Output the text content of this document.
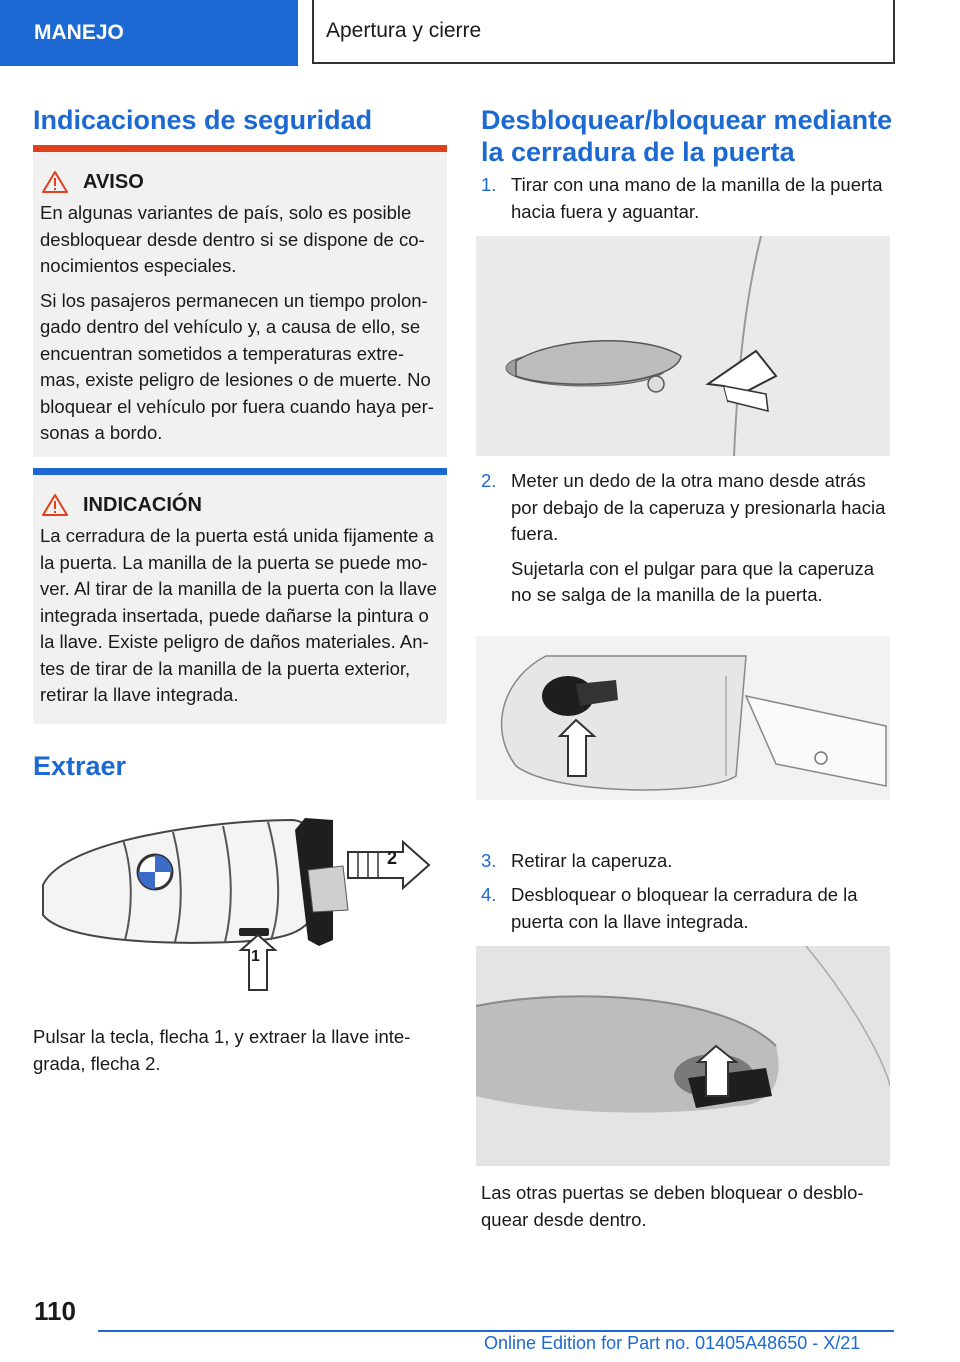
MANEJO	Apertura y cierre
Indicaciones de seguridad
AVISO

En algunas variantes de país, solo es posible desbloquear desde dentro si se dispone de co-nocimientos especiales.

Si los pasajeros permanecen un tiempo prolon-gado dentro del vehículo y, a causa de ello, se encuentran sometidos a temperaturas extre-mas, existe peligro de lesiones o de muerte. No bloquear el vehículo por fuera cuando haya per-sonas a bordo.

INDICACIÓN

La cerradura de la puerta está unida fijamente a la puerta. La manilla de la puerta se puede mo-ver. Al tirar de la manilla de la puerta con la llave integrada insertada, puede dañarse la pintura o la llave. Existe peligro de daños materiales. An-tes de tirar de la manilla de la puerta exterior, retirar la llave integrada.

Extraer
2
1

Pulsar la tecla, flecha 1, y extraer la llave inte-grada, flecha 2.

Desbloquear/bloquear mediante
la cerradura de la puerta
1. Tirar con una mano de la manilla de la puerta hacia fuera y aguantar.

2. Meter un dedo de la otra mano desde atrás por debajo de la caperuza y presionarla hacia fuera.

Sujetarla con el pulgar para que la caperuza no se salga de la manilla de la puerta.

3. Retirar la caperuza.

4. Desbloquear o bloquear la cerradura de la puerta con la llave integrada.

Las otras puertas se deben bloquear o desblo-quear desde dentro.

110
Online Edition for Part no. 01405A48650 - X/21
